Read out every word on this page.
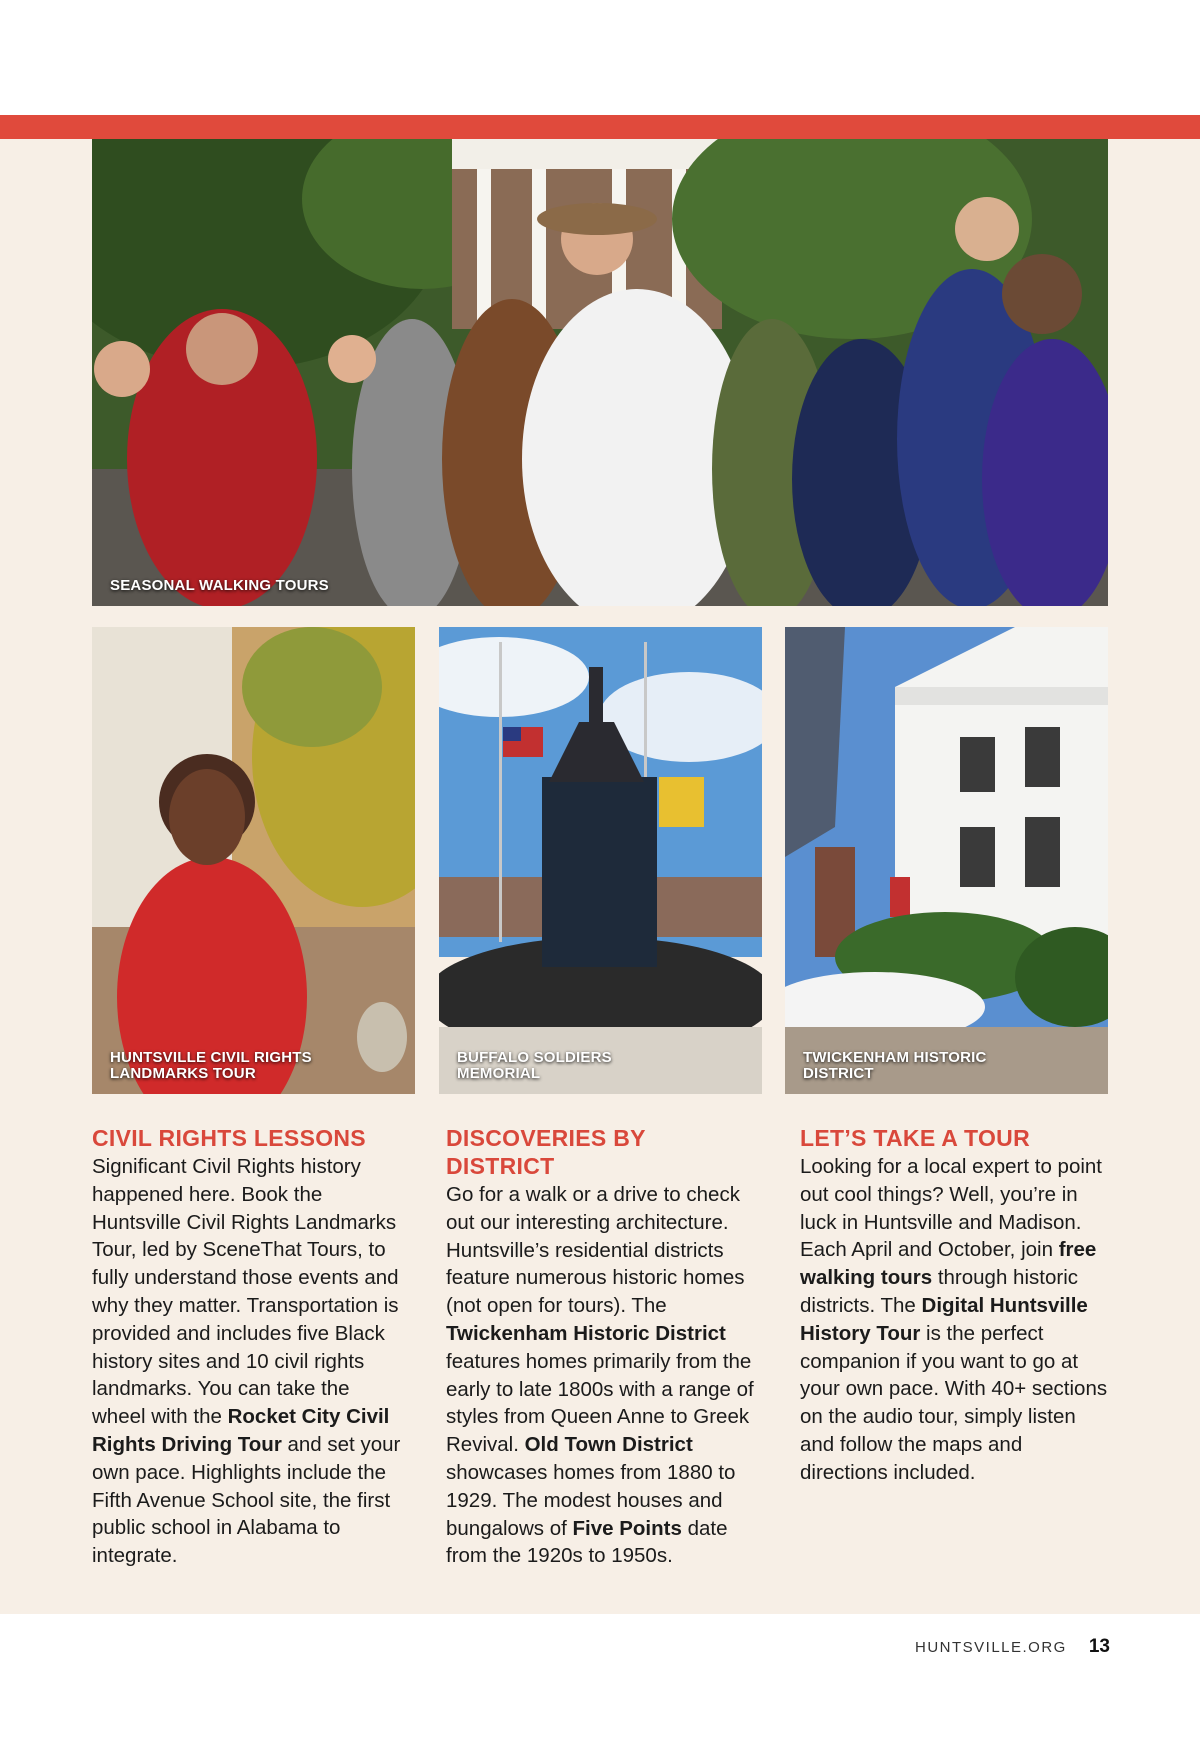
SEASONAL WALKING TOURS
HUNTSVILLE CIVIL RIGHTS LANDMARKS TOUR
BUFFALO SOLDIERS MEMORIAL
TWICKENHAM HISTORIC DISTRICT
CIVIL RIGHTS LESSONS

Significant Civil Rights history happened here. Book the Huntsville Civil Rights Landmarks Tour, led by SceneThat Tours, to fully understand those events and why they matter. Transportation is provided and includes five Black history sites and 10 civil rights landmarks. You can take the wheel with the Rocket City Civil Rights Driving Tour and set your own pace. Highlights include the Fifth Avenue School site, the first public school in Alabama to integrate.

DISCOVERIES BY DISTRICT

Go for a walk or a drive to check out our interesting architecture. Huntsville’s residential districts feature numerous historic homes (not open for tours). The Twickenham Historic District features homes primarily from the early to late 1800s with a range of styles from Queen Anne to Greek Revival. Old Town District showcases homes from 1880 to 1929. The modest houses and bungalows of Five Points date from the 1920s to 1950s.

LET’S TAKE A TOUR

Looking for a local expert to point out cool things? Well, you’re in luck in Huntsville and Madison. Each April and October, join free walking tours through historic districts. The Digital Huntsville History Tour is the perfect companion if you want to go at your own pace. With 40+ sections on the audio tour, simply listen and follow the maps and directions included.

HUNTSVILLE.ORG 13
